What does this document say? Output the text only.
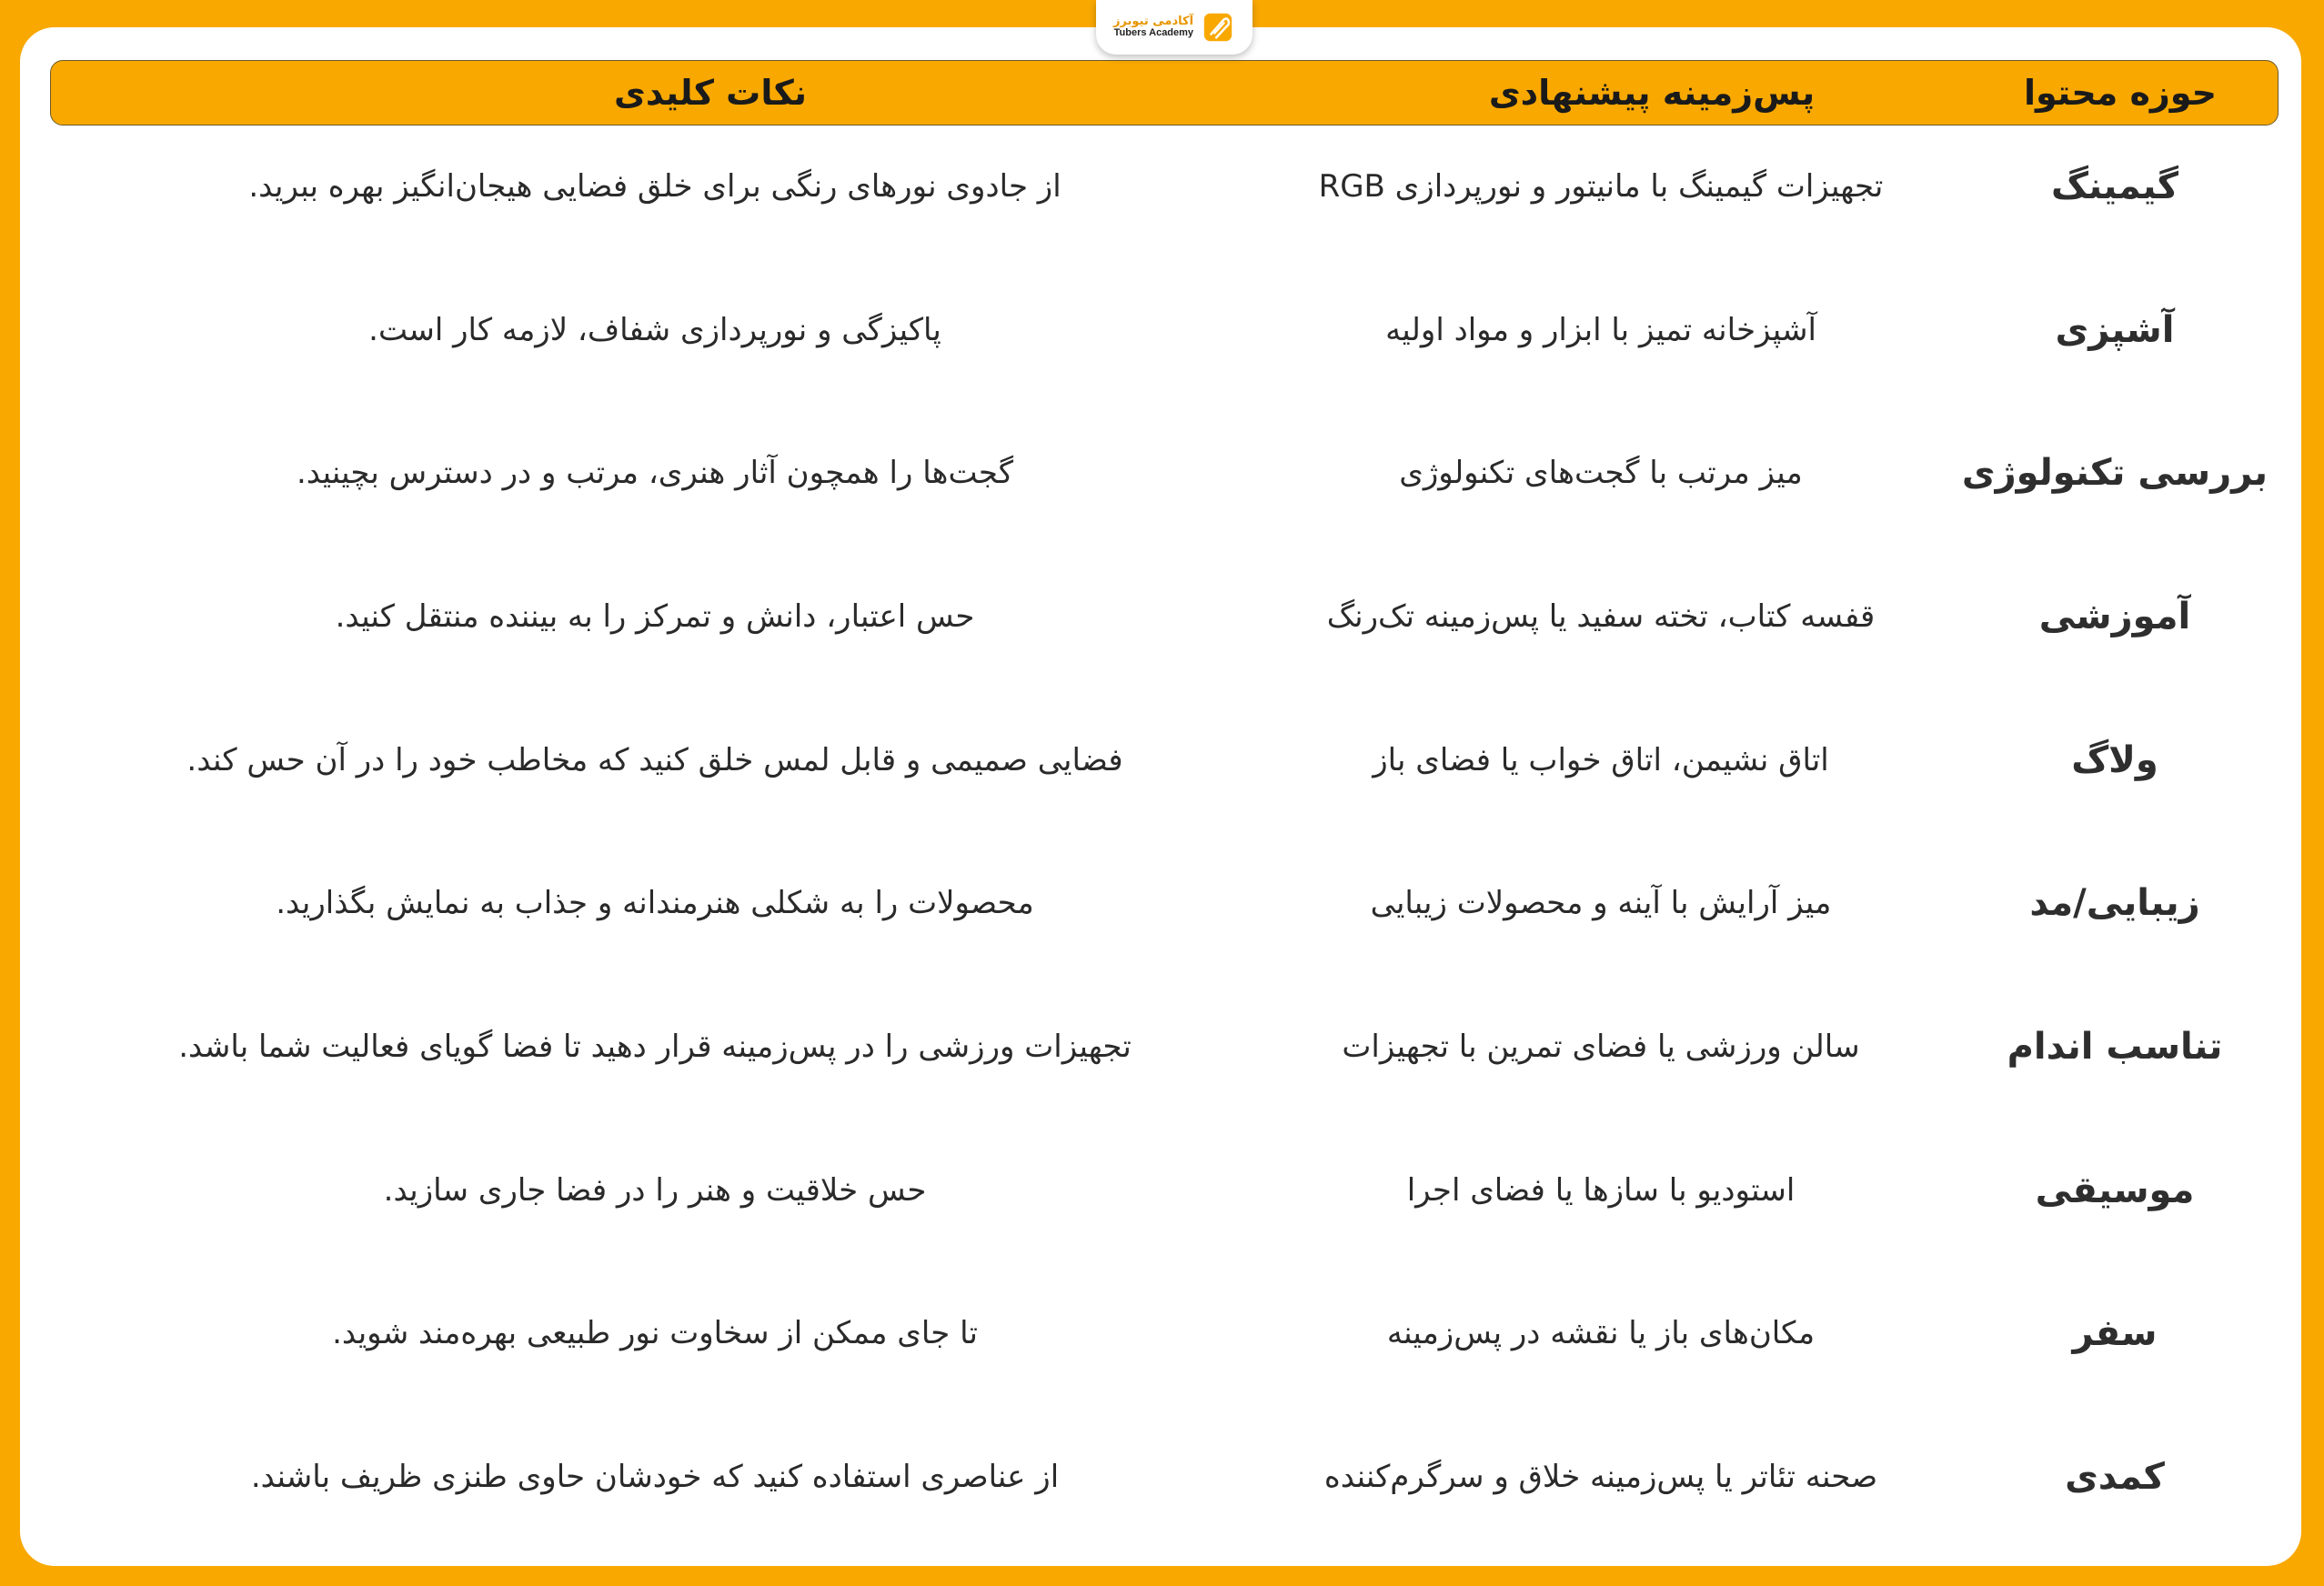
آکادمی تیوبرز
Tubers Academy
حوزه محتوا
پس‌زمینه پیشنهادی
نکات کلیدی
گیمینگ
تجهیزات گیمینگ با مانیتور و نورپردازی RGB
از جادوی نورهای رنگی برای خلق فضایی هیجان‌انگیز بهره ببرید.
آشپزی
آشپزخانه تمیز با ابزار و مواد اولیه
پاکیزگی و نورپردازی شفاف، لازمه کار است.
بررسی تکنولوژی
میز مرتب با گجت‌های تکنولوژی
گجت‌ها را همچون آثار هنری، مرتب و در دسترس بچینید.
آموزشی
قفسه کتاب، تخته سفید یا پس‌زمینه تک‌رنگ
حس اعتبار، دانش و تمرکز را به بیننده منتقل کنید.
ولاگ
اتاق نشیمن، اتاق خواب یا فضای باز
فضایی صمیمی و قابل لمس خلق کنید که مخاطب خود را در آن حس کند.
زیبایی/مد
میز آرایش با آینه و محصولات زیبایی
محصولات را به شکلی هنرمندانه و جذاب به نمایش بگذارید.
تناسب اندام
سالن ورزشی یا فضای تمرین با تجهیزات
تجهیزات ورزشی را در پس‌زمینه قرار دهید تا فضا گویای فعالیت شما باشد.
موسیقی
استودیو با سازها یا فضای اجرا
حس خلاقیت و هنر را در فضا جاری سازید.
سفر
مکان‌های باز یا نقشه در پس‌زمینه
تا جای ممکن از سخاوت نور طبیعی بهره‌مند شوید.
کمدی
صحنه تئاتر یا پس‌زمینه خلاق و سرگرم‌کننده
از عناصری استفاده کنید که خودشان حاوی طنزی ظریف باشند.
